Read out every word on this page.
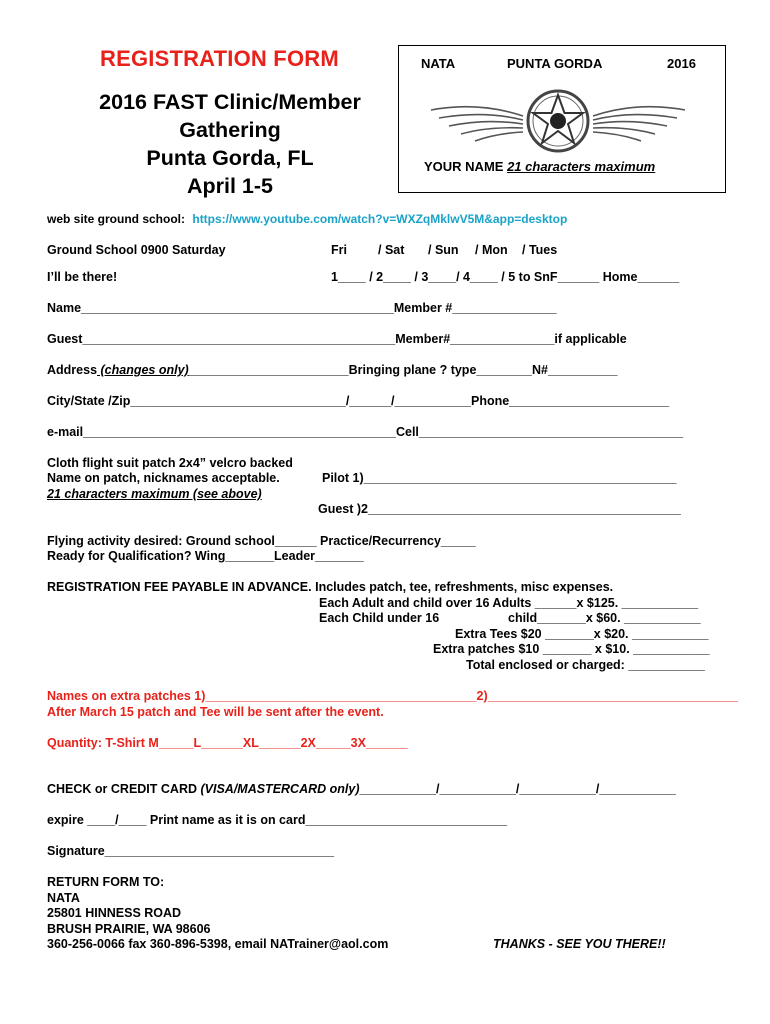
REGISTRATION FORM
2016 FAST Clinic/Member
Gathering
Punta Gorda, FL
April 1-5
NATA	PUNTA GORDA	2016
YOUR NAME 21 characters maximum
web site ground school: https://www.youtube.com/watch?v=WXZqMklwV5M&app=desktop
Ground School 0900 Saturday	Fri / Sat / Sun / Mon / Tues
I’ll be there!	1____ / 2____ / 3____/ 4____ / 5 to SnF______ Home______
Name_____________________________________________Member #_______________
Guest_____________________________________________Member#_______________if applicable
Address (changes only)_______________________Bringing plane ? type________N#__________
City/State /Zip_______________________________/______/___________Phone_______________________
e-mail_____________________________________________Cell______________________________________
Cloth flight suit patch 2x4” velcro backed
Name on patch, nicknames acceptable.
21 characters maximum (see above)
Pilot 1)_____________________________________________
Guest )2_____________________________________________
Flying activity desired: Ground school______ Practice/Recurrency_____
Ready for Qualification? Wing_______Leader_______
REGISTRATION FEE PAYABLE IN ADVANCE. Includes patch, tee, refreshments, misc expenses.
Each Adult and child over 16 Adults ______x $125. ___________
Each Child under 16	child_______x $60. ___________
Extra Tees $20 _______x $20. ___________
Extra patches $10 _______ x $10. ___________
Total enclosed or charged: ___________
Names on extra patches 1)_______________________________________2)____________________________________
After March 15 patch and Tee will be sent after the event.
Quantity: T-Shirt M_____L______XL______2X_____3X______
CHECK or CREDIT CARD (VISA/MASTERCARD only)___________/___________/___________/___________
expire ____/____ Print name as it is on card_____________________________
Signature_________________________________
RETURN FORM TO:
NATA
25801 HINNESS ROAD
BRUSH PRAIRIE, WA 98606
360-256-0066 fax 360-896-5398, email NATrainer@aol.com	THANKS - SEE YOU THERE!!
